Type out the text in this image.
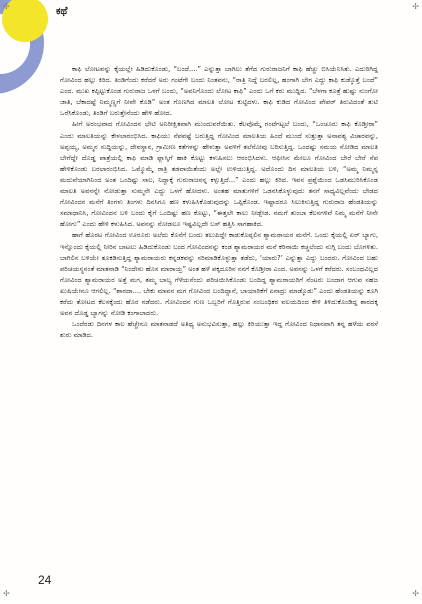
ಕಥೆ
✢	✢
✢	✢

ಕಾಫಿ ಲೋಟವನ್ನು ಕೈಯಲ್ಲೇ ಹಿಡಿದುಕೊಂಡು, “ಬಂದೆ....” ಎನ್ನುತ್ತಾ ಬಾಗಿಲು ತೆಗೆದ ಗುರುರಾಜನಿಗೆ ಕಾಫಿ ಹೆಚ್ಚು ಬಿಸಿಯೆನಿಸಿತು. ಎದುರಿಗಿದ್ದ ಗೋವಿಂದ ಹಲ್ಲು ಕಿರಿದ. ತಿಂಡಿಗೆಂದು ಕರೆದರೆ ಅರು ಗಂಟೆಗೇ ಬಂದು ನಿಂತವನು, “ರಾತ್ರಿ ನಿದ್ದೆ ಬರಲಿಲ್ಲ, ಹಂಗಾಗಿ ಬೇಗ ಎದ್ದು ಕಾಫಿ ಕುಡ್ಕೊತ್ತೆ ಬಂದೆ” ಎಂದ. ಮುಖ ಕಪ್ಪಿಟ್ಟುಕೊಂಡ ಗುರುರಾಜ ಒಳಗೆ ಬಂದು, “ಅವನಿಗೊಂದು ಲೋಟ ಕಾಫಿ” ಎಂದು ಒಗೆ ಕರು ಮುದ್ದಿದ. “ಬೆಳಗಾ ಕೂತ್ರೆ ಹುಷ್ಟು ನುಂಗೋ ಜಾತಿ, ಬೆಕಾದಷ್ಟೆ ನಿಮ್ಮಣ್ಣಗೆ ನೀವೇ ಕೊಡಿ” ಅಂತ ಗೊಣಗಿದ ಮಾಲತಿ ಲೋಟ ಕುಟ್ಟಿದಳು. ಕಾಫಿ ಕುಡಿದ ಗೋವಿಂದ ಪೇಪರ್ ತಿರುವಿದಂತೆ ತುಟಿ ಒರೆಸಿಕೊಂಡು, ತಿಂಡಿಗೆ ಬರುತ್ತೇನೆಂದು ಹೇಳಿ ಹೋದ.

ಹೀಗೆ ಅರಂಭವಾದ ಗೋವಿಂದನ ಭೇಟಿ ಅನಿರೀಕ್ಷಿತವಾಗಿ ಮುಂದುವರೆಯಿತು. ಕೆಲವೊಮ್ಮೆ ಗಂಟೆಗಟ್ಟಲೆ ಬಂದು, “ಒಂಚೂರು ಕಾಫಿ ಕೊಡ್ತೀರಾ” ಎಂದು ಮಾಲತಿಯನ್ನು ಕೇಳಲಾರಂಭಿಸಿದ. ಕಾಫಿಯು ನೆಪವಷ್ಟೆ ಬರುತ್ತಿದ್ದ ಗೋವಿಂದ ಮಾಲತಿಯ ಹಿಂದೆ ಮುಂದೆ ಸುತ್ತುತ್ತಾ ಅನಾವಶ್ಯ ವಿಚಾರವನ್ನು, ಅಪ್ಪಯ್ಯ, ಅಮ್ಮನ ಸುದ್ದಿಯನ್ನು, ದೇವಸ್ಥಾನ, ಗ್ರಾಮೀಣ ಕತೆಗಳನ್ನು ಹೇಳುತ್ತಾ ಅವಳಿಗೆ ತಲೆನೋವು ಬರಿಸುತ್ತಿದ್ದ. ಒಂದಷ್ಟು ಸಮಯ ನೋಡಿದ ಮಾಲತಿ ಬೇಗೆದ್ದೇ ದೊಡ್ಡ ಪಾತ್ರೆಯಲ್ಲಿ ಕಾಫಿ ಮಾಡಿ ಫ್ಲಾಸ್ಕಿಗೆ ಹಾಕಿ ಕೊಟ್ಟು ಕಳುಹಿಸಲು ಆರಂಭಿಸಿದಳು. ಆಫೀಸಿನ ಮೇಲೂ ಗೋವಿಂದ ಬೇರೆ ಬೇರೆ ನೆಪ ಹೇಳಿಕೊಂಡು ಬರಲಾರಂಭಿಸಿದ. ಒಮ್ಮೊಮ್ಮೆ ರಾತ್ರಿ ತಡವಾಯಿತೆಂದು ಅಲ್ಲೇ ಉಳಿಯುತ್ತಿದ್ದ. ಅದೊಂದು ದಿನ ಮಾಲತಿಯ ಬಳಿ, “ಅಮ್ಮ ನಿಮ್ಮನ್ನ ಮದುವೆಯಾಗಿನಿಂದ ಅಂತ ಒಂದಿಷ್ಟು ಸಾಲ, ನಿದ್ದಾಕ್ಕೆ ಗುರುರಾಜನನ್ನ ಕಳ್ಸುತ್ತಿದೆ...” ಎಂದು ಹಲ್ಲು ಕಿರಿದ. ಇವನ ಪ್ರಶ್ನೆಯಿಂದ ಒಡಸಿಮುರಿಸಿಕೊಂಡ ಮಾಲತಿ ಅವನನ್ನೇ ನೋಡುತ್ತಾ ಸುಮ್ಮನೇ ಎದ್ದು ಒಳಗೆ ಹೋದಳು. ಅಂತಹ ಮಾತುಗಳಿಗೆ ಒಡನಸಿಕೊಳ್ಳುವುದು ತನಗೆ ಸಾಧ್ಯವಿಲ್ಲವೆಂದು ಬೇಡದ ಗೋವಿಂದನ ಮನೆಗೆ ತಿಂಗಳು ತಿಂಗಳು ದಿನಸಿಗೂ ಹಣ ಕಳುಹಿಸಿಕೊಡುವುದನ್ನು ಒಪ್ಪಿಕೊಂಡ. ಇಷ್ಟಾದರೂ ಸಿಲುಕಿಸುತ್ತಿದ್ದ ಗುರುರಾಜ ಹೆಂಡತಿಯನ್ನು ಸಮಾಧಾನಿಸಿ, ಗೋವಿಂದನ ಬಳಿ ಬಂದು ಕೈಗೆ ಒಂದಿಷ್ಟು ಹಣ ಕೊಟ್ಟು, “ಈತ್ತಲೇ ಕಾಲು ನೀಡ್ಬೇಡ. ನಮಗೆ ತುಂಬಾ ಕೆಲಸಗಳಿವೆ ನಿಮ್ಮ ಮನೆಗೆ ನೀನೇ ಹೋಗು” ಎಂದು ಹೇಳಿ ಕಳುಹಿಸಿದ. ಅವನನ್ನು ನೋಡಲೂ ಇಷ್ಟವಿಲ್ಲದೇ ಬಸ್‌ ಹತ್ತಿಸಿ ಸಾಗಹಾಕಿದ.

ಹಾಗೆ ಹೊರಟ ಗೋವಿಂದ ಊರೂರು ಅಲೆದು ಕೊನೆಗೆ ಬಂದು ತಲುಪಿದ್ದೇ ಕಾಡುಕೊಪ್ಪಲಿನ ಶ್ಯಾಮರಾಯರ ಮನೆಗೆ. ಒಂದು ಕೈಯಲ್ಲಿ ಏರ್ ಬ್ಯಾಗು, ಇನ್ನೊಂದು ಕೈಯಲ್ಲಿ ನೀರಿನ ಬಾಟಲು ಹಿಡಿದುಕೊಂಡು ಬಂದ ಗೋವಿಂದನನ್ನು ಕಂಡ ಶ್ಯಾಮರಾಯರ ಮನೆ ಕರಿನಾಯಿ ಕಚ್ಚಲೆಂದು ನುಗ್ಗಿ ಬಂದು ಬೊಗಳಿತು. ಬಾಗಿಲಿನ ಬಳಿಯೇ ತೂಕಡಿಸುತ್ತಿದ್ದ ಶ್ಯಾಮರಾಯರು ಕನ್ನಡಕವನ್ನು ಸರಿಮಾಡಿಕೊಳ್ಳುತ್ತಾ ತಡೆದು, ‘ಯಾರು?’ ಎನ್ನುತ್ತಾ ಎದ್ದು ಬಂದರು. ಗೋವಿಂದ ಬಹು ಪರಿಚಯಸ್ಥನಂತೆ ಮಾತನಾಡಿ “ನಿಂದೇನು ಹೊಸ ಮಾರಾಯ್ರ” ಅಂತ ಹಳೆ ಪಕ್ಕದೂರಿನ ನನಗೆ ಕೊಡ್ತೀರಾ ಎಂದ. ಅವನನ್ನು ಒಳಗೆ ಕರೆದರು. ಸಂಬಂಧವಿಲ್ಲದ ಗೋವಿಂದ ಶ್ಯಾಮರಾಯರ ಅತ್ತೆ ಮಗ, ತಮ್ಮ ಬಾಲ್ಯ ಗೆಳೆಯನೆಂದು ಪರಿಚಯಿಸಿಕೊಂಡು ಬಂದಿದ್ದ ಶ್ಯಾಮರಾಯರಿಗೆ ನೆಂಟರು ಬಂದಾಗ ಆಗುವ ಸಹಜ ಖುಷಿಯೇನೂ ಆಗಲಿಲ್ಲ. “ಶಾರದಾ.... ಬೇಕು ಮಾವನ ಮಗ ಗೋವಿಂದ ಬಂದಿದ್ದಾನೆ, ಬಾಯಾರಿಕೆಗೆ ಏನಾದ್ರು ಮಾಡ್ಕೊಡು” ಎಂದು ಹೆಂಡತಿಯನ್ನು ಕೂಗಿ ಕರೆದು ತೋಟದ ಕೆಲಸಕ್ಕೆಂದು ಹೊರ ನಡೆದರು. ಗೋವಿಂದನ ಗುಣ ಒಬ್ಬರಿಗೆ ಗೊತ್ತಿರುವ ಸಂಬಂಧಿಕರ ವಲಯದಿಂದ ಕೇಳಿ ತಿಳಿದುಕೊಂಡಿದ್ದ ಶಾರದಕ್ಕ ಅವನ ದೊಡ್ಡ ಬ್ಯಾಗನ್ನು ನೋಡಿ ಕಂಗಾಲಾದರು.

ಒಂದೆರಡು ದಿನಗಳ ಕಾಲ ಹೆಚ್ಚೇನೂ ಮಾತನಾಡದೆ ಅತಿಥ್ಯ ಅನುಭವಿಸುತ್ತಾ, ಹಲ್ಲು ಕಿರಿಯುತ್ತಾ ಇದ್ದ ಗೋವಿಂದ ನಿಧಾನವಾಗಿ ತನ್ನ ಹಳೆಯ ವರಸೆ ಶುರು ಮಾಡಿದ.

24
